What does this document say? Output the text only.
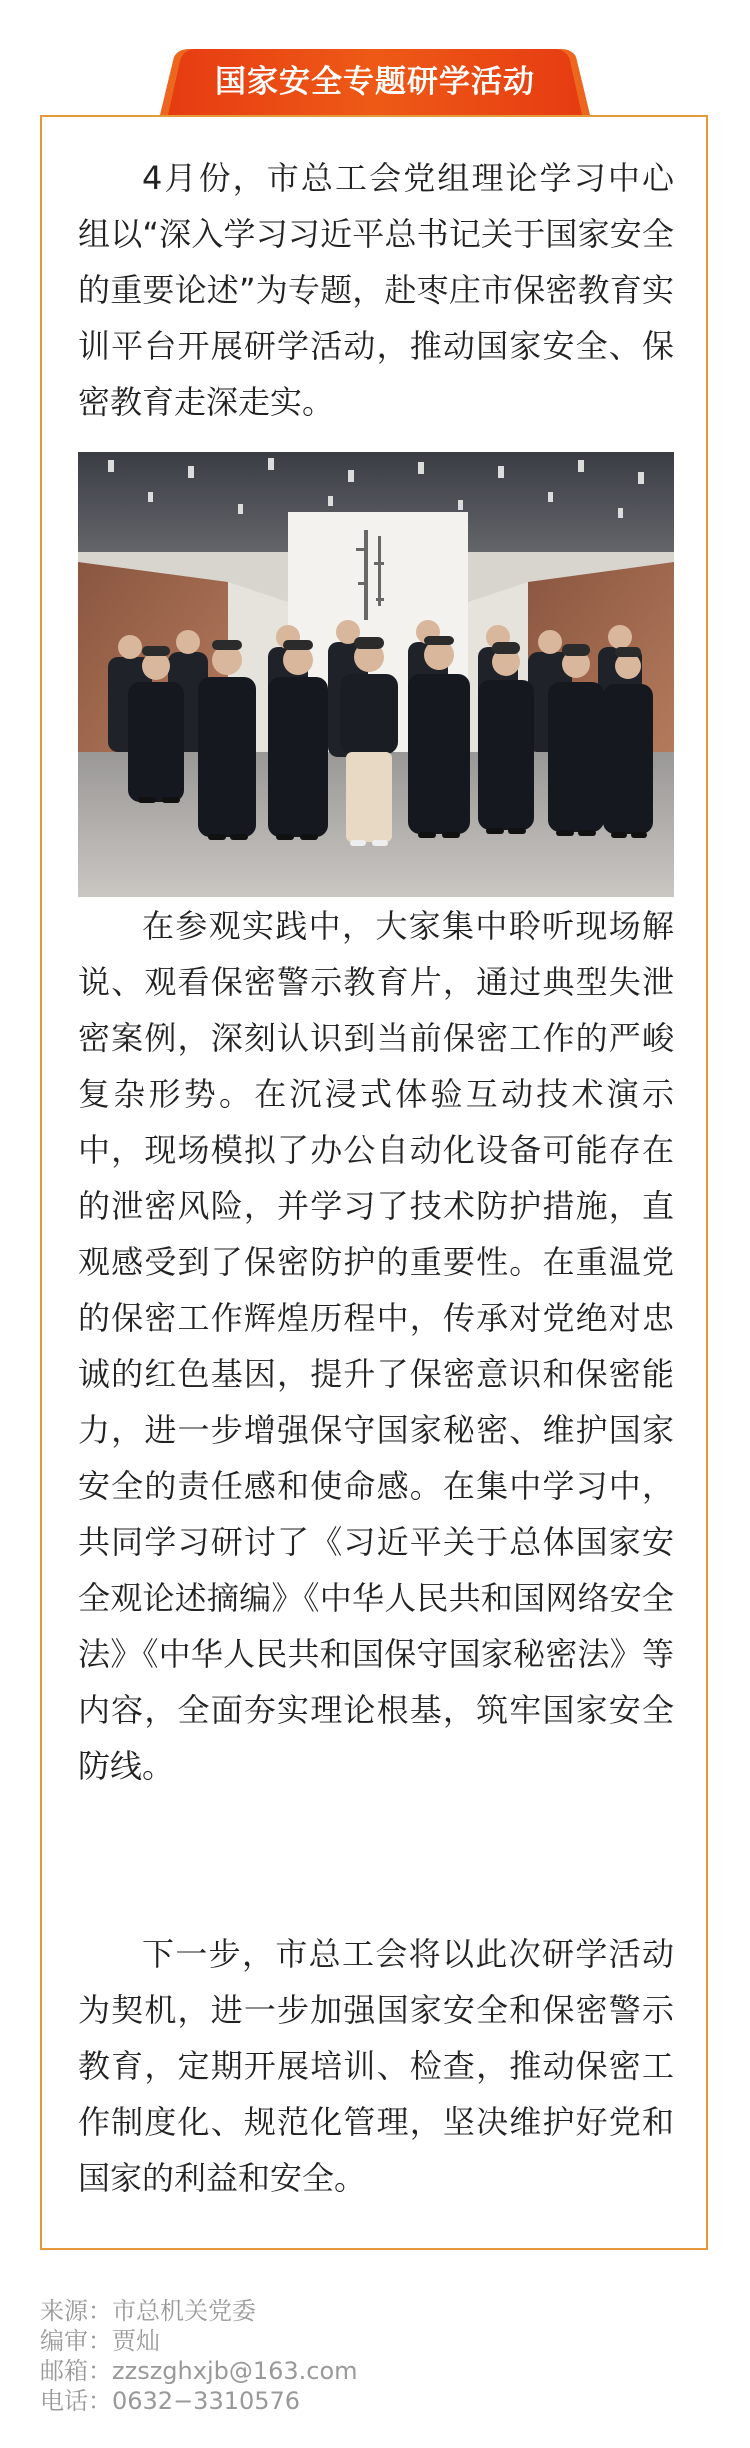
国家安全专题研学活动

4月份，市总工会党组理论学习中心组以“深入学习习近平总书记关于国家安全的重要论述”为专题，赴枣庄市保密教育实训平台开展研学活动，推动国家安全、保密教育走深走实。

在参观实践中，大家集中聆听现场解说、观看保密警示教育片，通过典型失泄密案例，深刻认识到当前保密工作的严峻复杂形势。在沉浸式体验互动技术演示中，现场模拟了办公自动化设备可能存在的泄密风险，并学习了技术防护措施，直观感受到了保密防护的重要性。在重温党的保密工作辉煌历程中，传承对党绝对忠诚的红色基因，提升了保密意识和保密能力，进一步增强保守国家秘密、维护国家安全的责任感和使命感。在集中学习中，共同学习研讨了《习近平关于总体国家安全观论述摘编》《中华人民共和国网络安全法》《中华人民共和国保守国家秘密法》等内容，全面夯实理论根基，筑牢国家安全防线。

下一步，市总工会将以此次研学活动为契机，进一步加强国家安全和保密警示教育，定期开展培训、检查，推动保密工作制度化、规范化管理，坚决维护好党和国家的利益和安全。

来源：市总机关党委
编审：贾灿
邮箱：zzszghxjb@163.com
电话：0632−3310576
